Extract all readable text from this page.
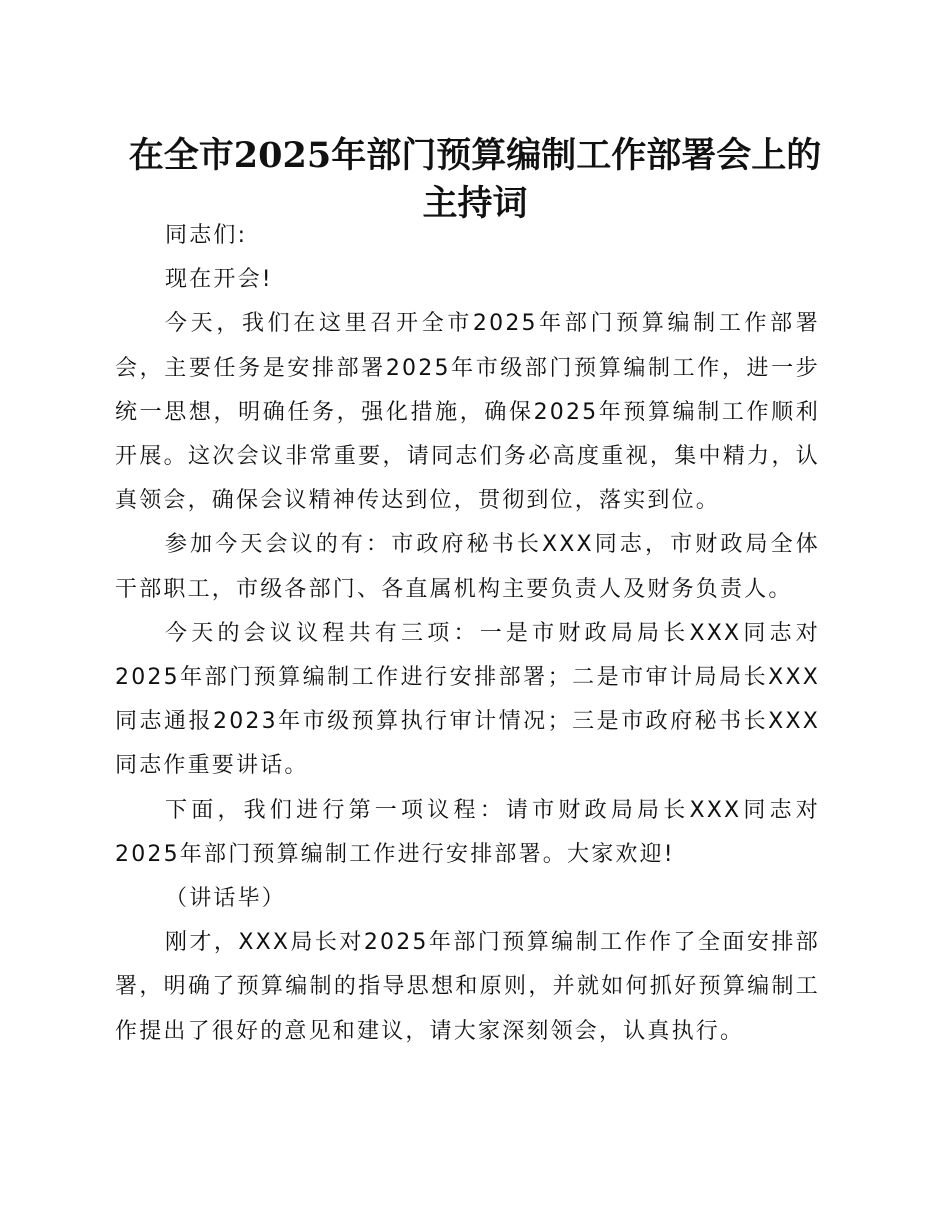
在全市2025年部门预算编制工作部署会上的主持词

同志们:

现在开会!

今天，我们在这里召开全市2025年部门预算编制工作部署会，主要任务是安排部署2025年市级部门预算编制工作，进一步统一思想，明确任务，强化措施，确保2025年预算编制工作顺利开展。这次会议非常重要，请同志们务必高度重视，集中精力，认真领会，确保会议精神传达到位，贯彻到位，落实到位。

参加今天会议的有：市政府秘书长XXX同志，市财政局全体干部职工，市级各部门、各直属机构主要负责人及财务负责人。

今天的会议议程共有三项：一是市财政局局长XXX同志对2025年部门预算编制工作进行安排部署；二是市审计局局长XXX同志通报2023年市级预算执行审计情况；三是市政府秘书长XXX同志作重要讲话。

下面，我们进行第一项议程：请市财政局局长XXX同志对2025年部门预算编制工作进行安排部署。大家欢迎!

（讲话毕）

刚才，XXX局长对2025年部门预算编制工作作了全面安排部署，明确了预算编制的指导思想和原则，并就如何抓好预算编制工作提出了很好的意见和建议，请大家深刻领会，认真执行。
